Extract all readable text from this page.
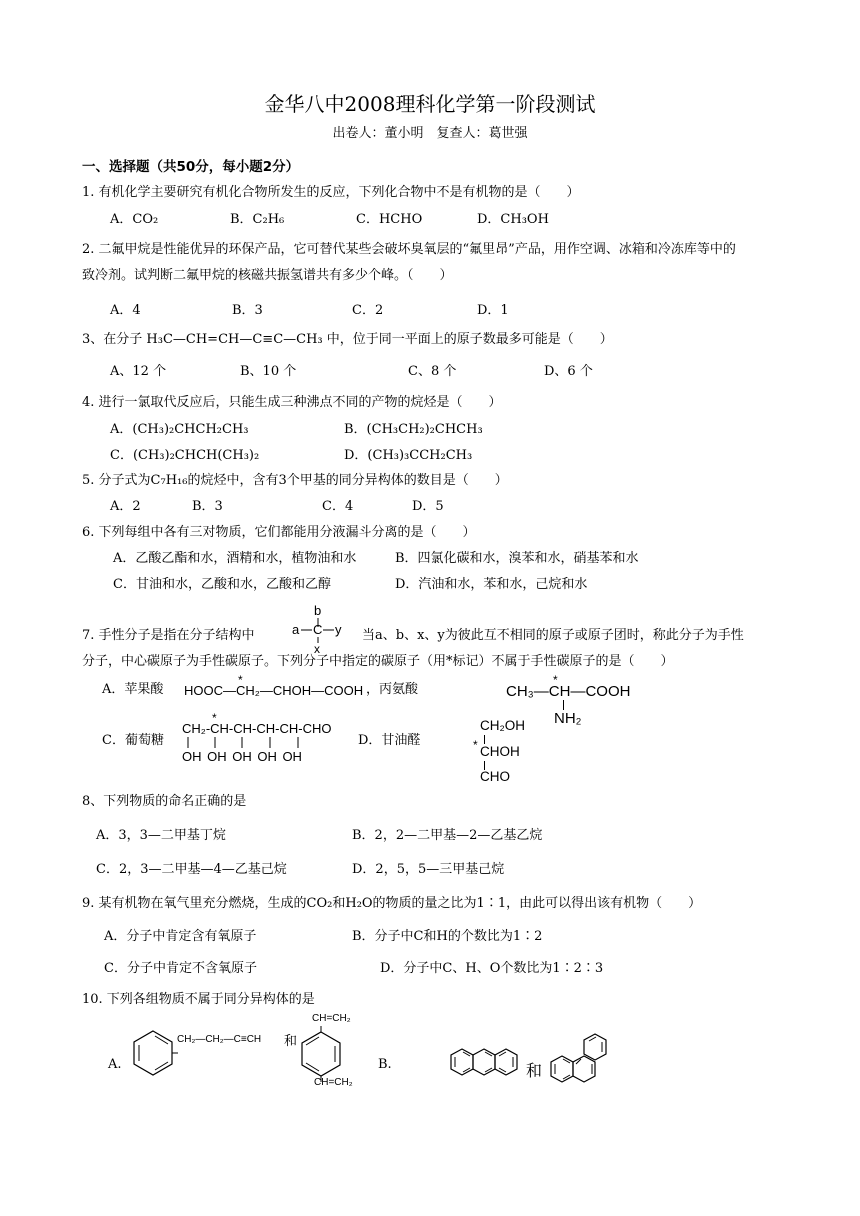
金华八中2008理科化学第一阶段测试
出卷人：董小明　复查人：葛世强
一、选择题（共50分，每小题2分）
1. 有机化学主要研究有机化合物所发生的反应，下列化合物中不是有机物的是（　　）
A．CO₂	B．C₂H₆	C．HCHO	D．CH₃OH
2. 二氟甲烷是性能优异的环保产品，它可替代某些会破坏臭氧层的“氟里昂”产品，用作空调、冰箱和冷冻库等中的
致冷剂。试判断二氟甲烷的核磁共振氢谱共有多少个峰。（　　）
A．4	B．3	C．2	D．1
3、在分子 H₃C—CH=CH—C≡C—CH₃ 中，位于同一平面上的原子数最多可能是（　　）
A、12 个	B、10 个	C、8 个	D、6 个
4. 进行一氯取代反应后，只能生成三种沸点不同的产物的烷烃是（　　）
A．(CH₃)₂CHCH₂CH₃	B．(CH₃CH₂)₂CHCH₃
C．(CH₃)₂CHCH(CH₃)₂	D．(CH₃)₃CCH₂CH₃
5. 分子式为C₇H₁₆的烷烃中，含有3个甲基的同分异构体的数目是（　　）
A．2	B．3	C．4	D．5
6. 下列每组中各有三对物质，它们都能用分液漏斗分离的是（　　）
A．乙酸乙酯和水，酒精和水，植物油和水	B．四氯化碳和水，溴苯和水，硝基苯和水
C．甘油和水，乙酸和水，乙酸和乙醇	D．汽油和水，苯和水，己烷和水
7. 手性分子是指在分子结构中
b
a C y
x
当a、b、x、y为彼此互不相同的原子或原子团时，称此分子为手性
分子，中心碳原子为手性碳原子。下列分子中指定的碳原子（用*标记）不属于手性碳原子的是（　　）
A．苹果酸 HOOC—CH₂—CHOH—COOH
*
，丙氨酸	CH₃—CH—COOH
*
NH₂
C．葡萄糖
CH₂-CH-CH-CH-CH-CHO
*
OH OH OH OH OH
D．甘油醛
CH₂OH
* CHOH
CHO
8、下列物质的命名正确的是
A．3，3—二甲基丁烷	B．2，2—二甲基—2—乙基乙烷
C．2，3—二甲基—4—乙基己烷	D．2，5，5—三甲基己烷
9. 某有机物在氧气里充分燃烧，生成的CO₂和H₂O的物质的量之比为1∶1，由此可以得出该有机物（　　）
A．分子中肯定含有氧原子	B．分子中C和H的个数比为1∶2
C．分子中肯定不含氧原子	D．分子中C、H、O个数比为1∶2∶3
10. 下列各组物质不属于同分异构体的是
A.
CH₂—CH₂—C≡CH 和
CH=CH₂
CH=CH₂
B.	和
